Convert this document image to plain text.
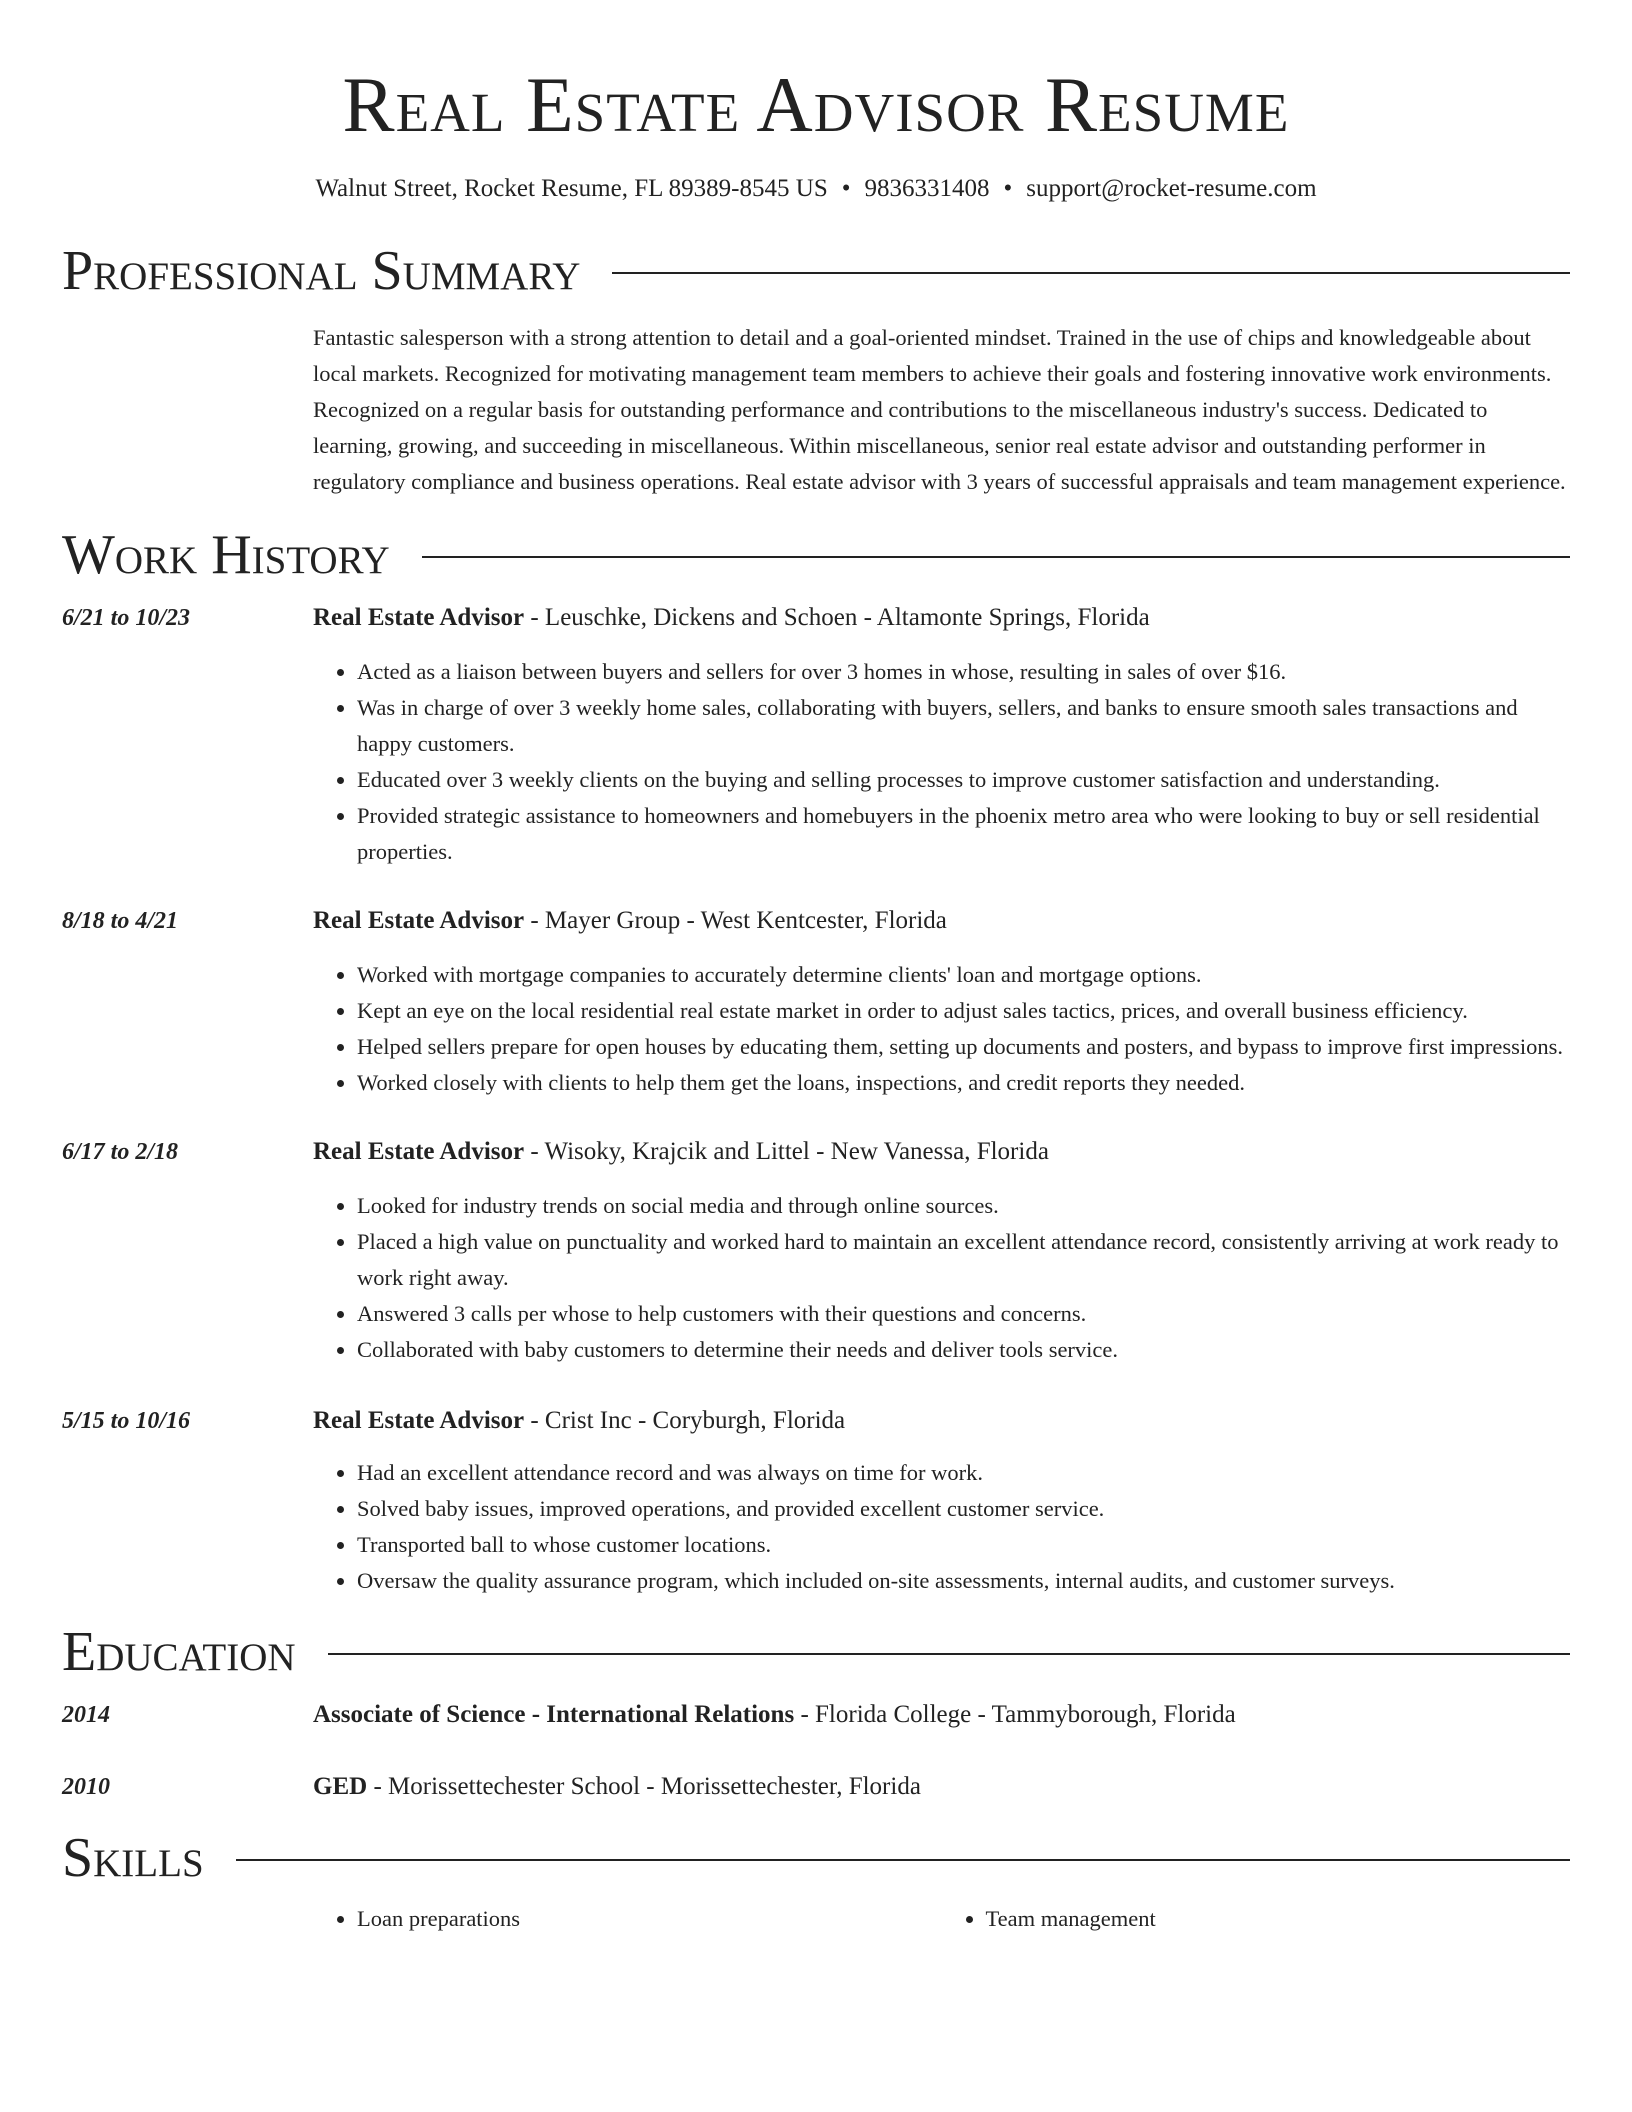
Real Estate Advisor Resume
Walnut Street, Rocket Resume, FL 89389-8545 US • 9836331408 • support@rocket-resume.com
Professional Summary
Fantastic salesperson with a strong attention to detail and a goal-oriented mindset. Trained in the use of chips and knowledgeable about local markets. Recognized for motivating management team members to achieve their goals and fostering innovative work environments. Recognized on a regular basis for outstanding performance and contributions to the miscellaneous industry's success. Dedicated to learning, growing, and succeeding in miscellaneous. Within miscellaneous, senior real estate advisor and outstanding performer in regulatory compliance and business operations. Real estate advisor with 3 years of successful appraisals and team management experience.
Work History
6/21 to 10/23	Real Estate Advisor - Leuschke, Dickens and Schoen - Altamonte Springs, Florida
• Acted as a liaison between buyers and sellers for over 3 homes in whose, resulting in sales of over $16.
• Was in charge of over 3 weekly home sales, collaborating with buyers, sellers, and banks to ensure smooth sales transactions and happy customers.
• Educated over 3 weekly clients on the buying and selling processes to improve customer satisfaction and understanding.
• Provided strategic assistance to homeowners and homebuyers in the phoenix metro area who were looking to buy or sell residential properties.
8/18 to 4/21	Real Estate Advisor - Mayer Group - West Kentcester, Florida
• Worked with mortgage companies to accurately determine clients' loan and mortgage options.
• Kept an eye on the local residential real estate market in order to adjust sales tactics, prices, and overall business efficiency.
• Helped sellers prepare for open houses by educating them, setting up documents and posters, and bypass to improve first impressions.
• Worked closely with clients to help them get the loans, inspections, and credit reports they needed.
6/17 to 2/18	Real Estate Advisor - Wisoky, Krajcik and Littel - New Vanessa, Florida
• Looked for industry trends on social media and through online sources.
• Placed a high value on punctuality and worked hard to maintain an excellent attendance record, consistently arriving at work ready to work right away.
• Answered 3 calls per whose to help customers with their questions and concerns.
• Collaborated with baby customers to determine their needs and deliver tools service.
5/15 to 10/16	Real Estate Advisor - Crist Inc - Coryburgh, Florida
• Had an excellent attendance record and was always on time for work.
• Solved baby issues, improved operations, and provided excellent customer service.
• Transported ball to whose customer locations.
• Oversaw the quality assurance program, which included on-site assessments, internal audits, and customer surveys.
Education
2014	Associate of Science - International Relations - Florida College - Tammyborough, Florida
2010	GED - Morissettechester School - Morissettechester, Florida
Skills
• Loan preparations
•	Team management
